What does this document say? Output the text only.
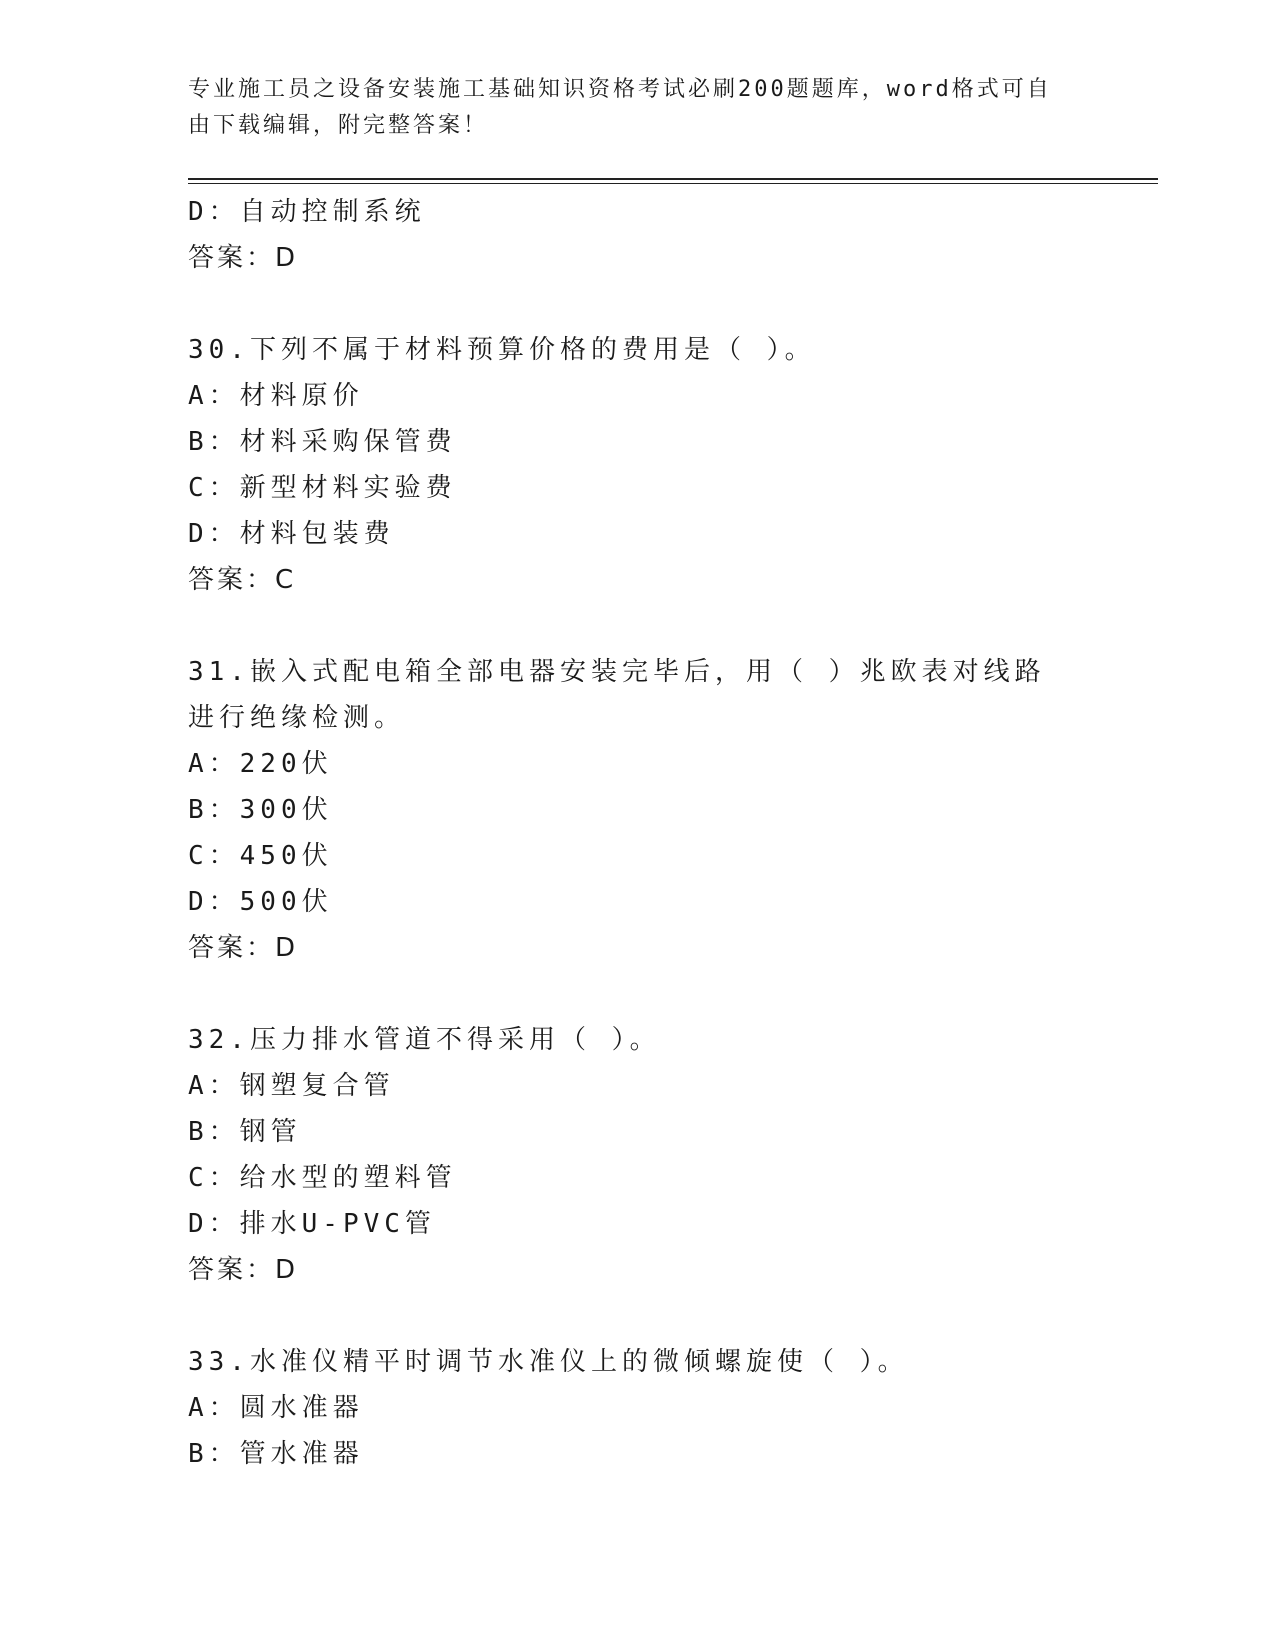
专业施工员之设备安装施工基础知识资格考试必刷200题题库，word格式可自由下载编辑，附完整答案！
D：自动控制系统
答案：D
30.下列不属于材料预算价格的费用是（ ）。
A：材料原价
B：材料采购保管费
C：新型材料实验费
D：材料包装费
答案：C
31.嵌入式配电箱全部电器安装完毕后，用（ ）兆欧表对线路进行绝缘检测。
A：220伏
B：300伏
C：450伏
D：500伏
答案：D
32.压力排水管道不得采用（ ）。
A：钢塑复合管
B：钢管
C：给水型的塑料管
D：排水U-PVC管
答案：D
33.水准仪精平时调节水准仪上的微倾螺旋使（ ）。
A：圆水准器
B：管水准器
